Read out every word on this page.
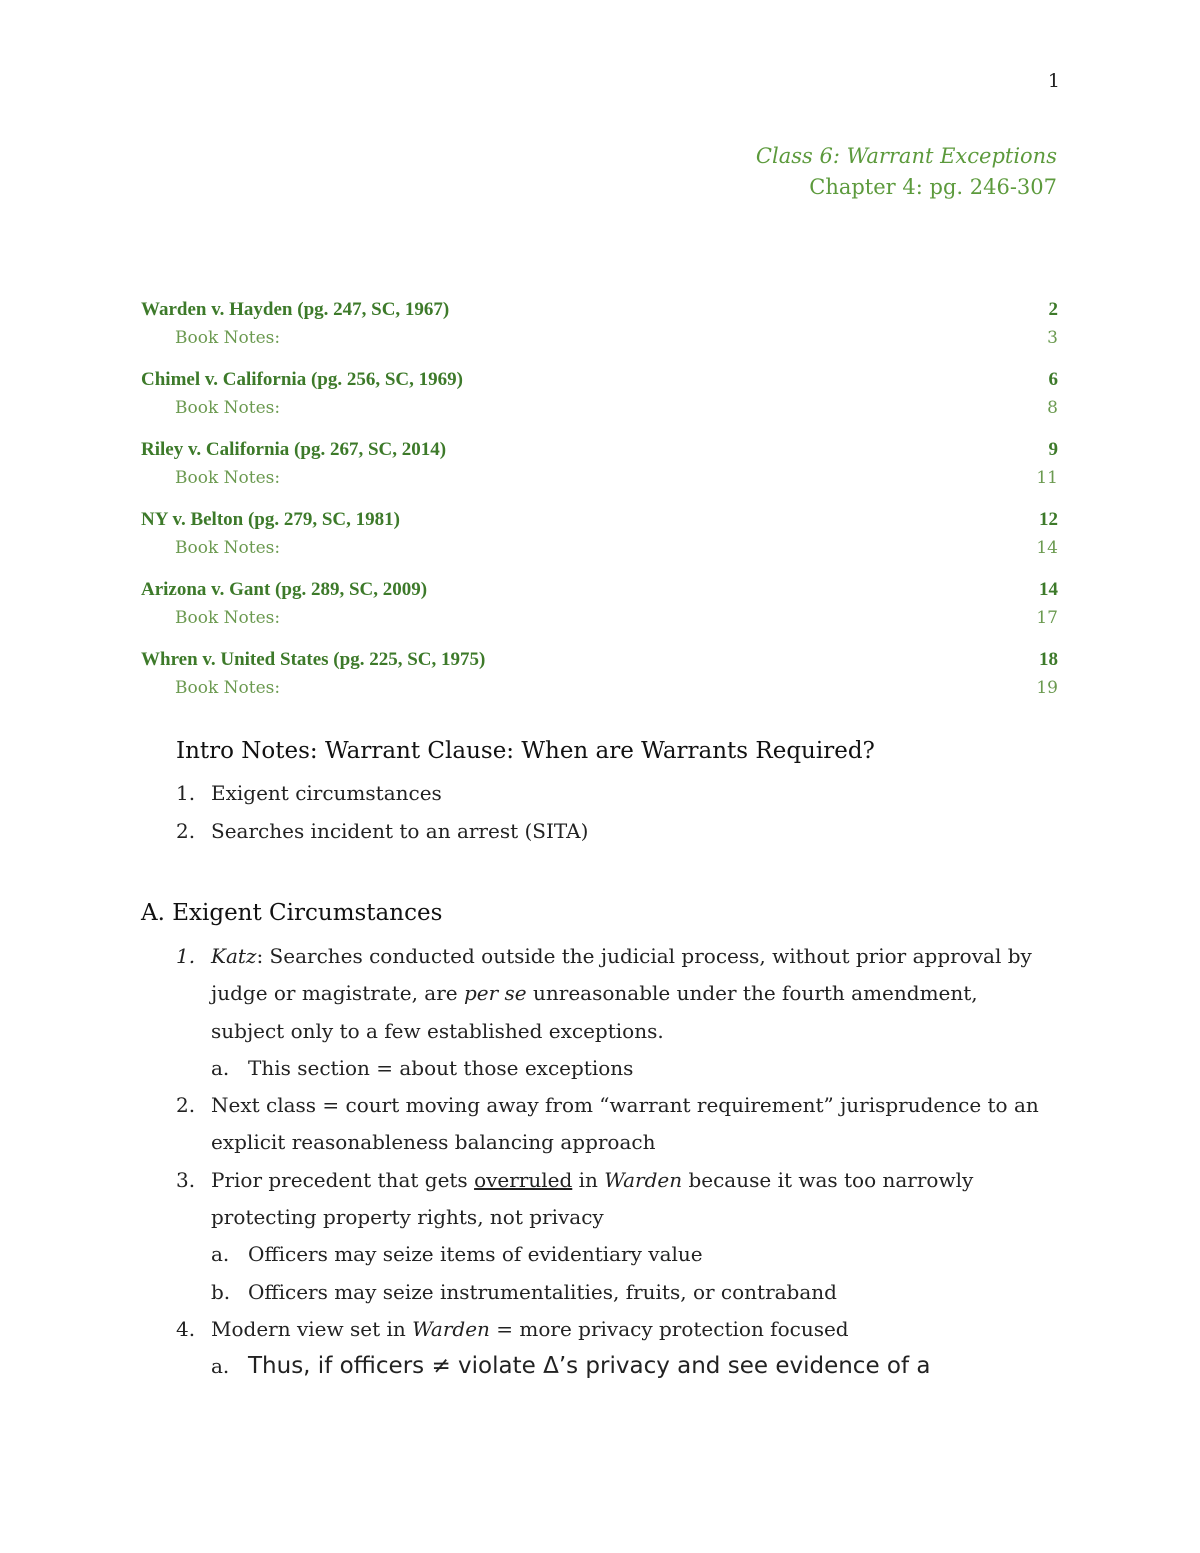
1
Class 6: Warrant Exceptions
Chapter 4: pg. 246-307
Warden v. Hayden (pg. 247, SC, 1967)	2
Book Notes:	3
Chimel v. California (pg. 256, SC, 1969)	6
Book Notes:	8
Riley v. California (pg. 267, SC, 2014)	9
Book Notes:	11
NY v. Belton (pg. 279, SC, 1981)	12
Book Notes:	14
Arizona v. Gant (pg. 289, SC, 2009)	14
Book Notes:	17
Whren v. United States (pg. 225, SC, 1975)	18
Book Notes:	19
Intro Notes: Warrant Clause: When are Warrants Required?
1. Exigent circumstances
2. Searches incident to an arrest (SITA)
A. Exigent Circumstances
1. Katz: Searches conducted outside the judicial process, without prior approval by judge or magistrate, are per se unreasonable under the fourth amendment, subject only to a few established exceptions.
a. This section = about those exceptions
2. Next class = court moving away from “warrant requirement” jurisprudence to an explicit reasonableness balancing approach
3. Prior precedent that gets overruled in Warden because it was too narrowly protecting property rights, not privacy
a. Officers may seize items of evidentiary value
b. Officers may seize instrumentalities, fruits, or contraband
4. Modern view set in Warden = more privacy protection focused
a. Thus, if officers ≠ violate Δ’s privacy and see evidence of a
